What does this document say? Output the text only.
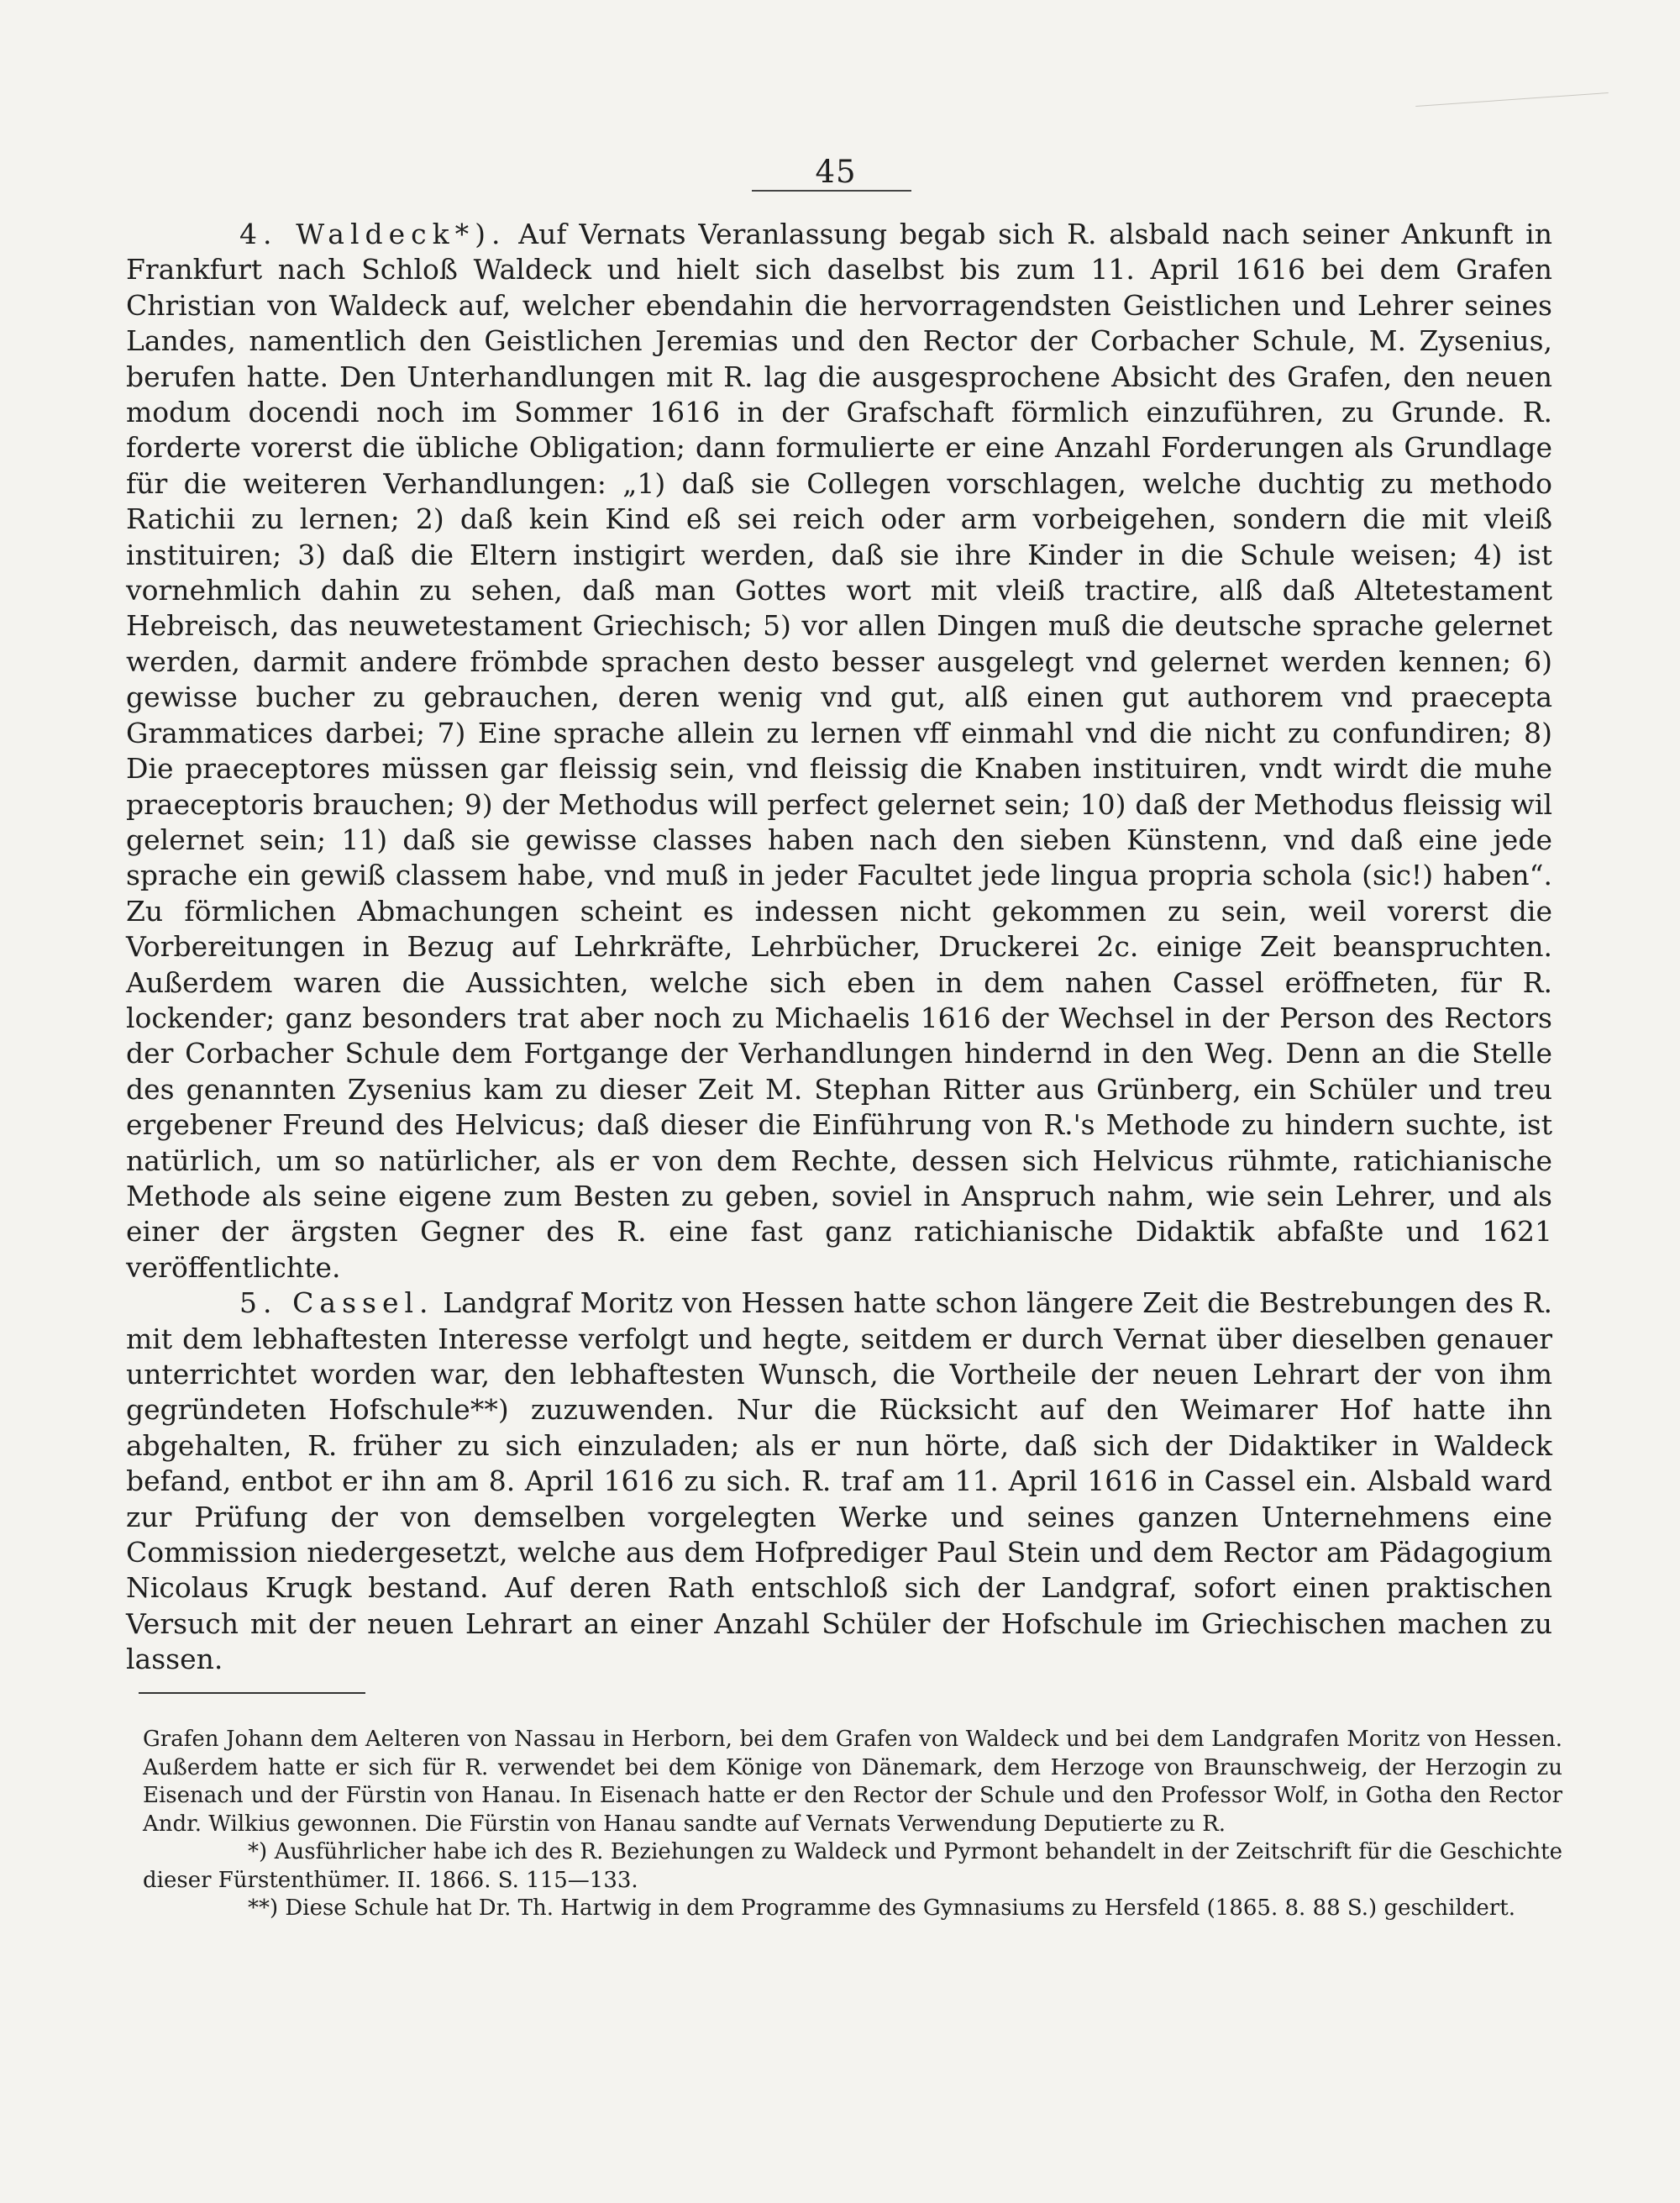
45

4. Waldeck*). Auf Vernats Veranlassung begab sich R. alsbald nach seiner Ankunft in Frankfurt nach Schloß Waldeck und hielt sich daselbst bis zum 11. April 1616 bei dem Grafen Christian von Waldeck auf, welcher ebendahin die hervorragendsten Geistlichen und Lehrer seines Landes, namentlich den Geistlichen Jeremias und den Rector der Corbacher Schule, M. Zysenius, berufen hatte. Den Unterhandlungen mit R. lag die ausgesprochene Absicht des Grafen, den neuen modum docendi noch im Sommer 1616 in der Grafschaft förmlich einzuführen, zu Grunde. R. forderte vorerst die übliche Obligation; dann formulierte er eine Anzahl Forderungen als Grundlage für die weiteren Verhandlungen: „1) daß sie Collegen vorschlagen, welche duchtig zu methodo Ratichii zu lernen; 2) daß kein Kind eß sei reich oder arm vorbeigehen, sondern die mit vleiß instituiren; 3) daß die Eltern instigirt werden, daß sie ihre Kinder in die Schule weisen; 4) ist vornehmlich dahin zu sehen, daß man Gottes wort mit vleiß tractire, alß daß Altetestament Hebreisch, das neuwetestament Griechisch; 5) vor allen Dingen muß die deutsche sprache gelernet werden, darmit andere frömbde sprachen desto besser ausgelegt vnd gelernet werden kennen; 6) gewisse bucher zu gebrauchen, deren wenig vnd gut, alß einen gut authorem vnd praecepta Grammatices darbei; 7) Eine sprache allein zu lernen vff einmahl vnd die nicht zu confundiren; 8) Die praeceptores müssen gar fleissig sein, vnd fleissig die Knaben instituiren, vndt wirdt die muhe praeceptoris brauchen; 9) der Methodus will perfect gelernet sein; 10) daß der Methodus fleissig wil gelernet sein; 11) daß sie gewisse classes haben nach den sieben Künstenn, vnd daß eine jede sprache ein gewiß classem habe, vnd muß in jeder Facultet jede lingua propria schola (sic!) haben“. Zu förmlichen Abmachungen scheint es indessen nicht gekommen zu sein, weil vorerst die Vorbereitungen in Bezug auf Lehrkräfte, Lehrbücher, Druckerei 2c. einige Zeit beanspruchten. Außerdem waren die Aussichten, welche sich eben in dem nahen Cassel eröffneten, für R. lockender; ganz besonders trat aber noch zu Michaelis 1616 der Wechsel in der Person des Rectors der Corbacher Schule dem Fortgange der Verhandlungen hindernd in den Weg. Denn an die Stelle des genannten Zysenius kam zu dieser Zeit M. Stephan Ritter aus Grünberg, ein Schüler und treu ergebener Freund des Helvicus; daß dieser die Einführung von R.'s Methode zu hindern suchte, ist natürlich, um so natürlicher, als er von dem Rechte, dessen sich Helvicus rühmte, ratichianische Methode als seine eigene zum Besten zu geben, soviel in Anspruch nahm, wie sein Lehrer, und als einer der ärgsten Gegner des R. eine fast ganz ratichianische Didaktik abfaßte und 1621 veröffentlichte.

5. Cassel. Landgraf Moritz von Hessen hatte schon längere Zeit die Bestrebungen des R. mit dem lebhaftesten Interesse verfolgt und hegte, seitdem er durch Vernat über dieselben genauer unterrichtet worden war, den lebhaftesten Wunsch, die Vortheile der neuen Lehrart der von ihm gegründeten Hofschule**) zuzuwenden. Nur die Rücksicht auf den Weimarer Hof hatte ihn abgehalten, R. früher zu sich einzuladen; als er nun hörte, daß sich der Didaktiker in Waldeck befand, entbot er ihn am 8. April 1616 zu sich. R. traf am 11. April 1616 in Cassel ein. Alsbald ward zur Prüfung der von demselben vorgelegten Werke und seines ganzen Unternehmens eine Commission niedergesetzt, welche aus dem Hofprediger Paul Stein und dem Rector am Pädagogium Nicolaus Krugk bestand. Auf deren Rath entschloß sich der Landgraf, sofort einen praktischen Versuch mit der neuen Lehrart an einer Anzahl Schüler der Hofschule im Griechischen machen zu lassen.

Grafen Johann dem Aelteren von Nassau in Herborn, bei dem Grafen von Waldeck und bei dem Landgrafen Moritz von Hessen. Außerdem hatte er sich für R. verwendet bei dem Könige von Dänemark, dem Herzoge von Braunschweig, der Herzogin zu Eisenach und der Fürstin von Hanau. In Eisenach hatte er den Rector der Schule und den Professor Wolf, in Gotha den Rector Andr. Wilkius gewonnen. Die Fürstin von Hanau sandte auf Vernats Verwendung Deputierte zu R.

*) Ausführlicher habe ich des R. Beziehungen zu Waldeck und Pyrmont behandelt in der Zeitschrift für die Geschichte dieser Fürstenthümer. II. 1866. S. 115—133.

**) Diese Schule hat Dr. Th. Hartwig in dem Programme des Gymnasiums zu Hersfeld (1865. 8. 88 S.) geschildert.
